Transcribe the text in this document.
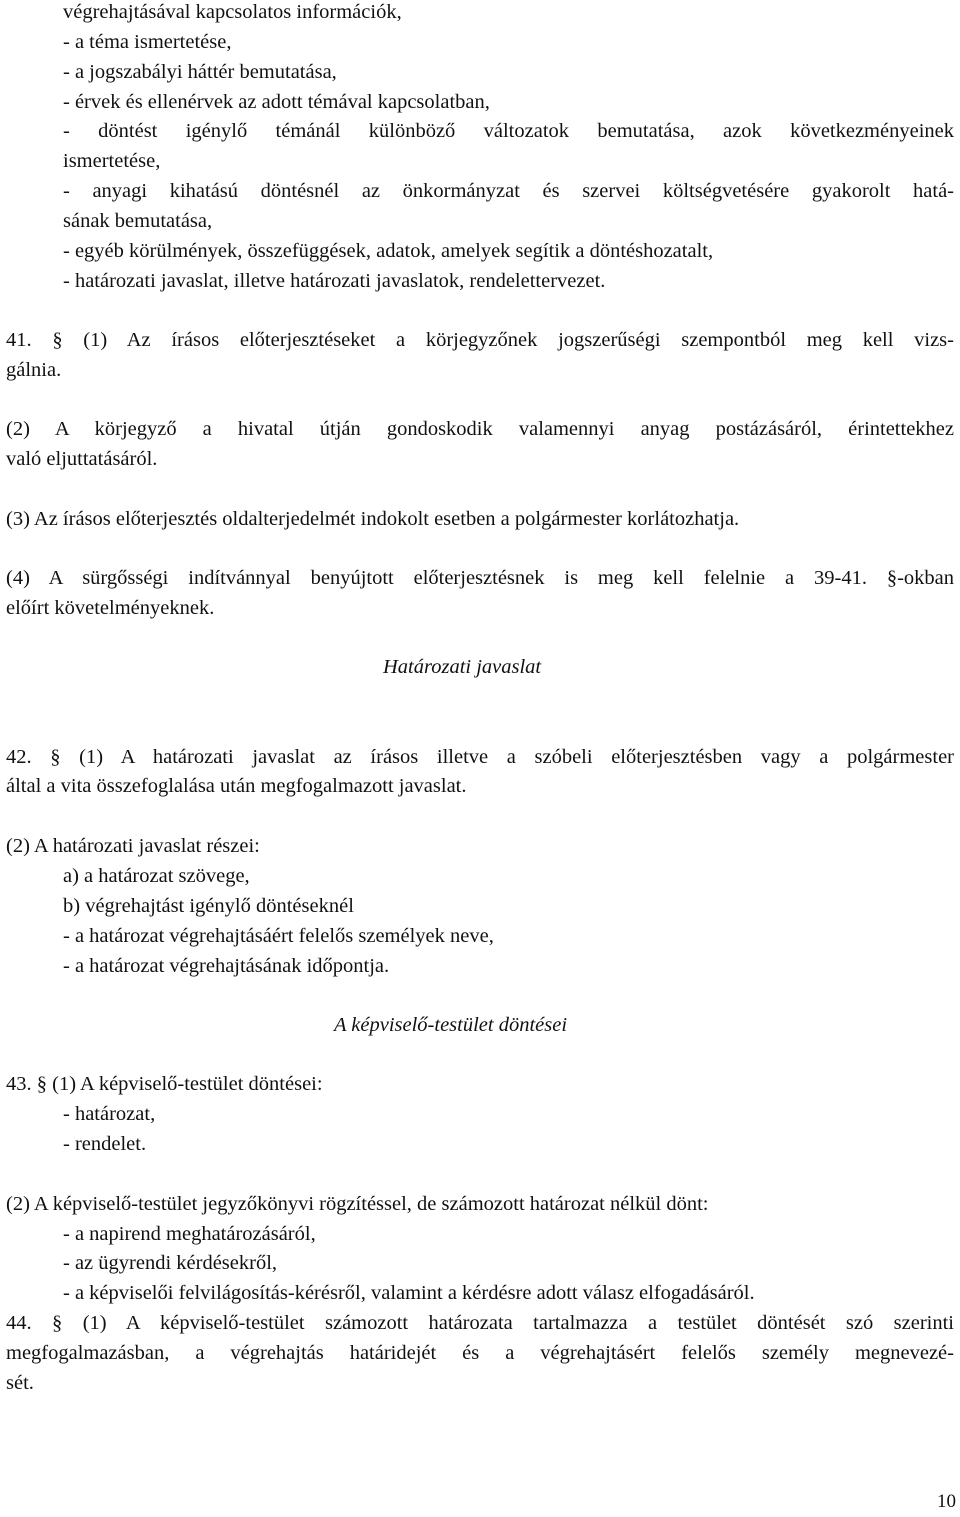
végrehajtásával kapcsolatos információk,

- a téma ismertetése,

- a jogszabályi háttér bemutatása,

- érvek és ellenérvek az adott témával kapcsolatban,

- döntést igénylő témánál különböző változatok bemutatása, azok következményeinek

ismertetése,

- anyagi kihatású döntésnél az önkormányzat és szervei költségvetésére gyakorolt hatá-

sának bemutatása,

- egyéb körülmények, összefüggések, adatok, amelyek segítik a döntéshozatalt,

- határozati javaslat, illetve határozati javaslatok, rendelettervezet.

41. § (1) Az írásos előterjesztéseket a körjegyzőnek jogszerűségi szempontból meg kell vizs-

gálnia.

(2) A körjegyző a hivatal útján gondoskodik valamennyi anyag postázásáról, érintettekhez

való eljuttatásáról.

(3) Az írásos előterjesztés oldalterjedelmét indokolt esetben a polgármester korlátozhatja.

(4) A sürgősségi indítvánnyal benyújtott előterjesztésnek is meg kell felelnie a 39-41. §-okban

előírt követelményeknek.

Határozati javaslat

42. § (1) A határozati javaslat az írásos illetve a szóbeli előterjesztésben vagy a polgármester

által a vita összefoglalása után megfogalmazott javaslat.

(2) A határozati javaslat részei:

a) a határozat szövege,

b) végrehajtást igénylő döntéseknél

- a határozat végrehajtásáért felelős személyek neve,

- a határozat végrehajtásának időpontja.

A képviselő-testület döntései

43. § (1) A képviselő-testület döntései:

- határozat,

- rendelet.

(2) A képviselő-testület jegyzőkönyvi rögzítéssel, de számozott határozat nélkül dönt:

- a napirend meghatározásáról,

- az ügyrendi kérdésekről,

- a képviselői felvilágosítás-kérésről, valamint a kérdésre adott válasz elfogadásáról.

44. § (1) A képviselő-testület számozott határozata tartalmazza a testület döntését szó szerinti

megfogalmazásban, a végrehajtás határidejét és a végrehajtásért felelős személy megnevezé-

sét.

10
